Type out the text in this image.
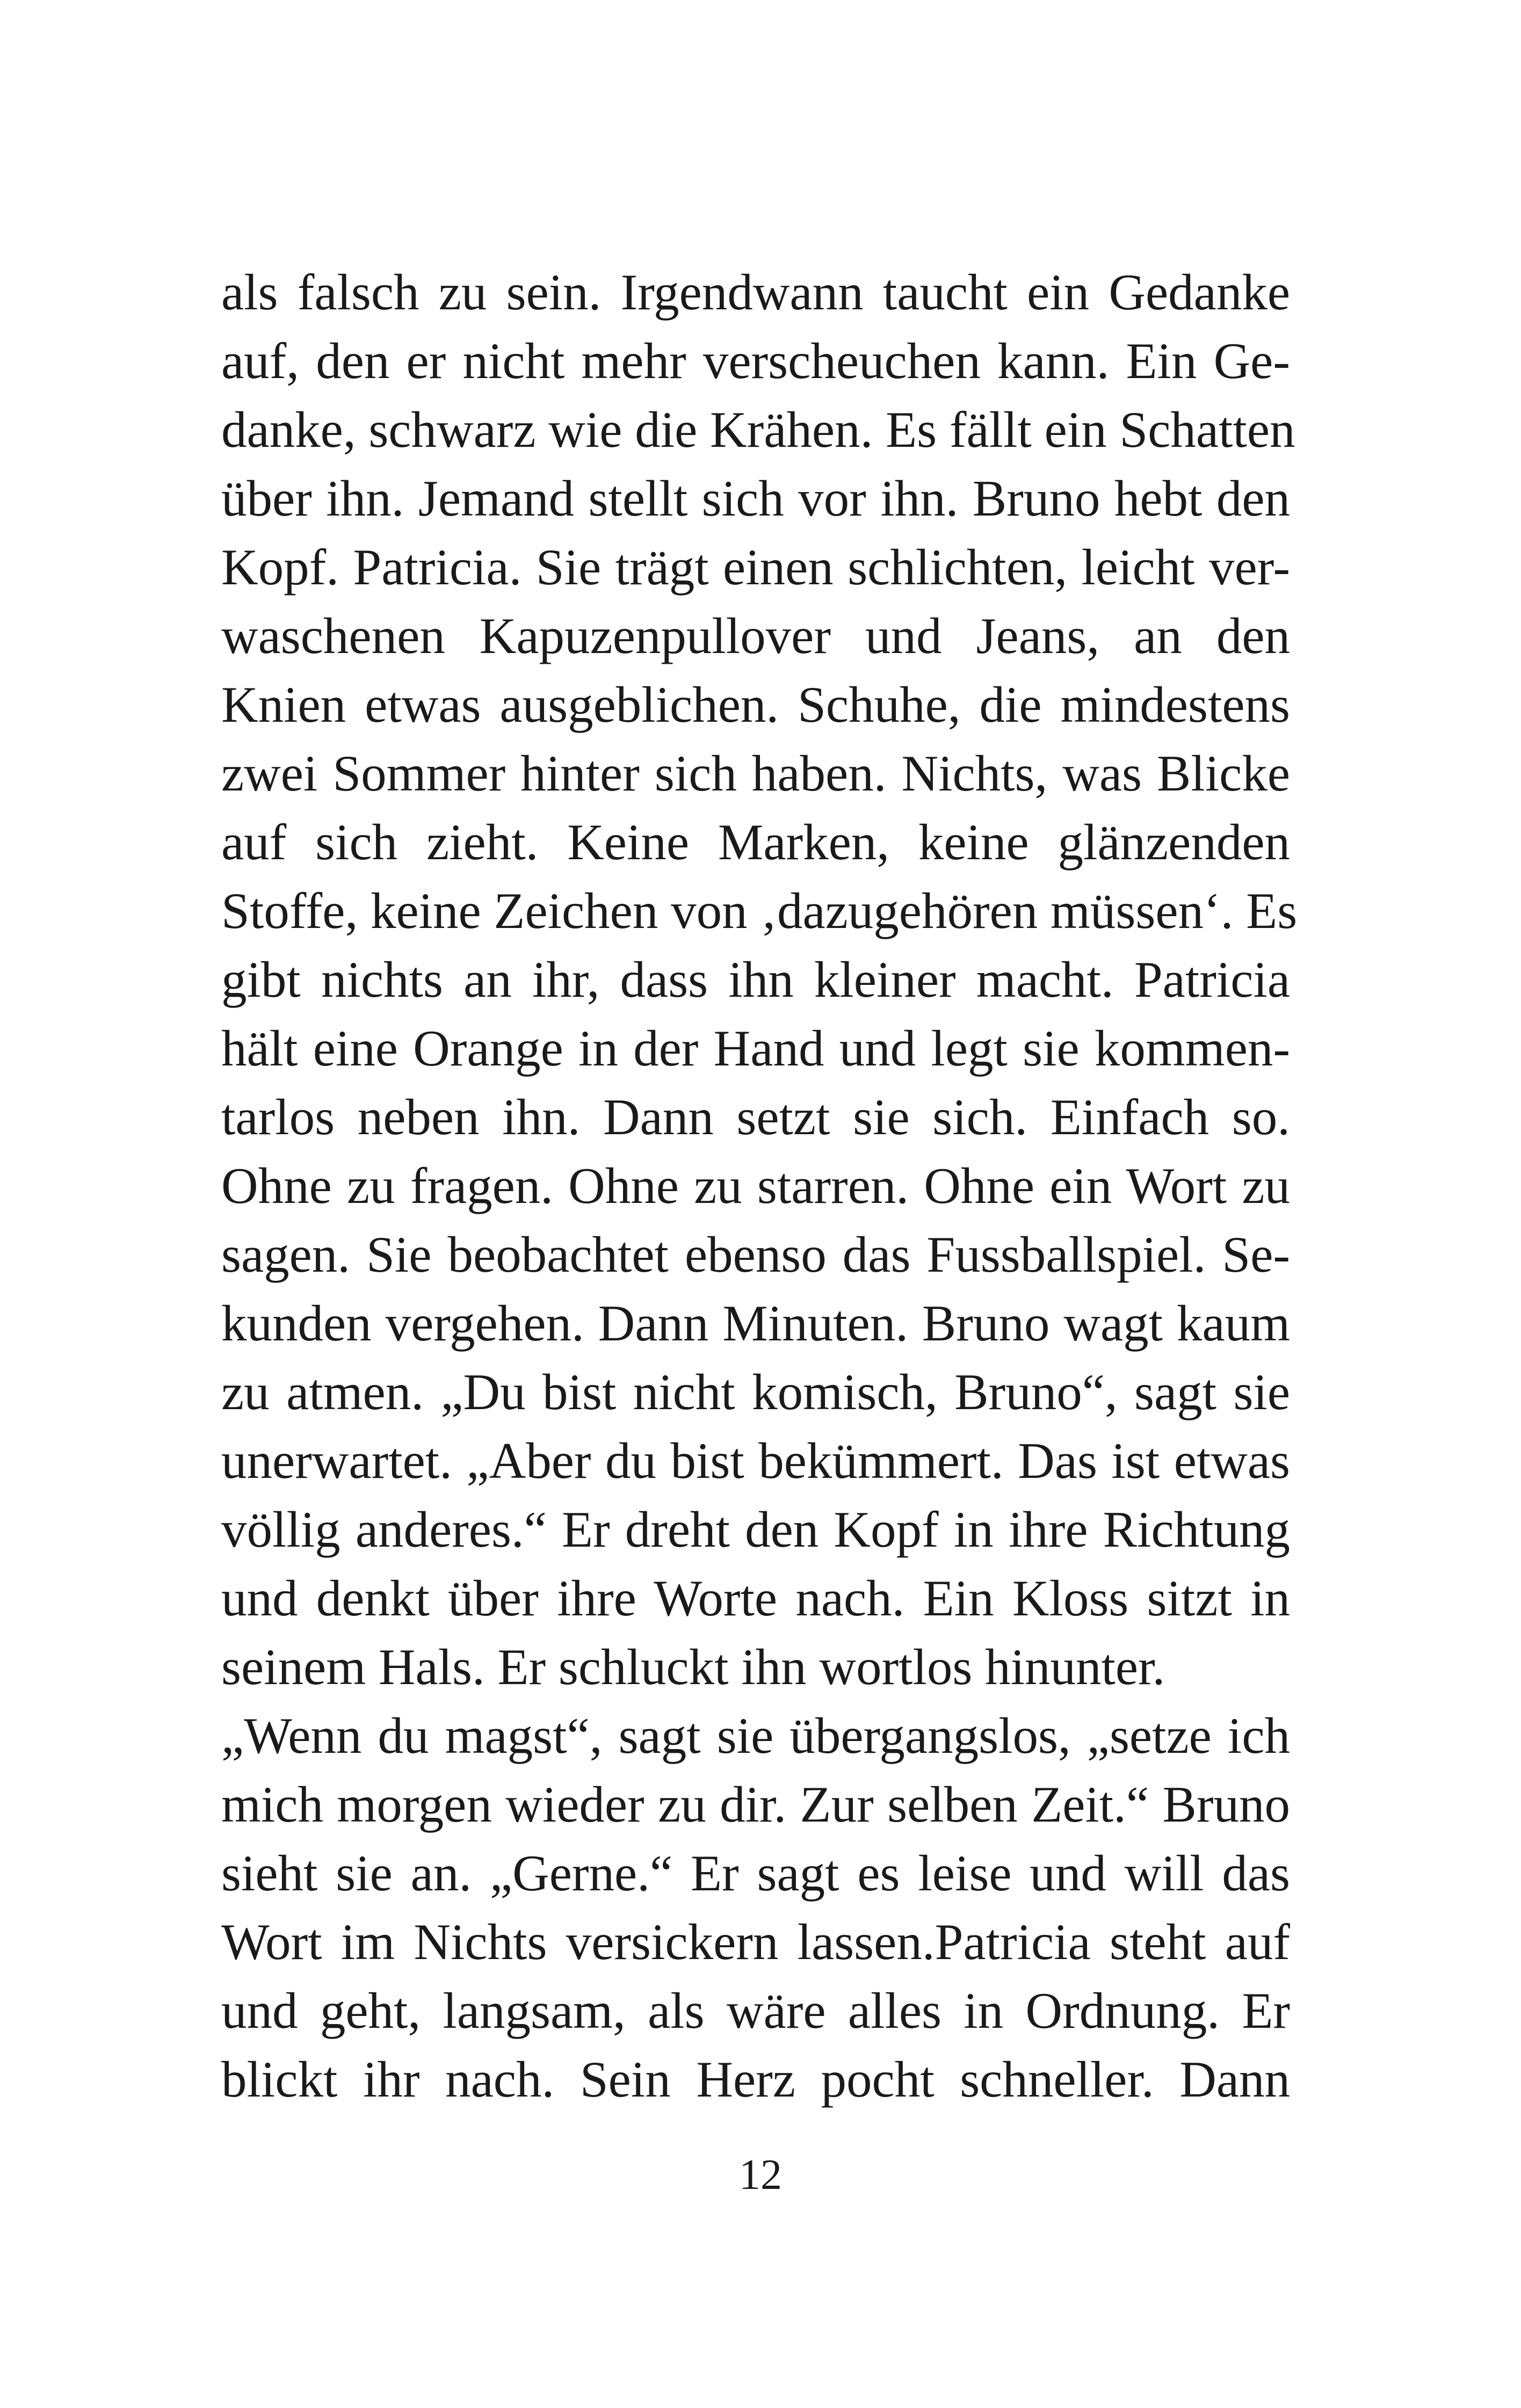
als falsch zu sein. Irgendwann taucht ein Gedanke
auf, den er nicht mehr verscheuchen kann. Ein Ge-
danke, schwarz wie die Krähen. Es fällt ein Schatten
über ihn. Jemand stellt sich vor ihn. Bruno hebt den
Kopf. Patricia. Sie trägt einen schlichten, leicht ver-
waschenen Kapuzenpullover und Jeans, an den
Knien etwas ausgeblichen. Schuhe, die mindestens
zwei Sommer hinter sich haben. Nichts, was Blicke
auf sich zieht. Keine Marken, keine glänzenden
Stoffe, keine Zeichen von ‚dazugehören müssen‘. Es
gibt nichts an ihr, dass ihn kleiner macht. Patricia
hält eine Orange in der Hand und legt sie kommen-
tarlos neben ihn. Dann setzt sie sich. Einfach so.
Ohne zu fragen. Ohne zu starren. Ohne ein Wort zu
sagen. Sie beobachtet ebenso das Fussballspiel. Se-
kunden vergehen. Dann Minuten. Bruno wagt kaum
zu atmen. „Du bist nicht komisch, Bruno“, sagt sie
unerwartet. „Aber du bist bekümmert. Das ist etwas
völlig anderes.“ Er dreht den Kopf in ihre Richtung
und denkt über ihre Worte nach. Ein Kloss sitzt in
seinem Hals. Er schluckt ihn wortlos hinunter.
„Wenn du magst“, sagt sie übergangslos, „setze ich
mich morgen wieder zu dir. Zur selben Zeit.“ Bruno
sieht sie an. „Gerne.“ Er sagt es leise und will das
Wort im Nichts versickern lassen.Patricia steht auf
und geht, langsam, als wäre alles in Ordnung. Er
blickt ihr nach. Sein Herz pocht schneller. Dann
12
